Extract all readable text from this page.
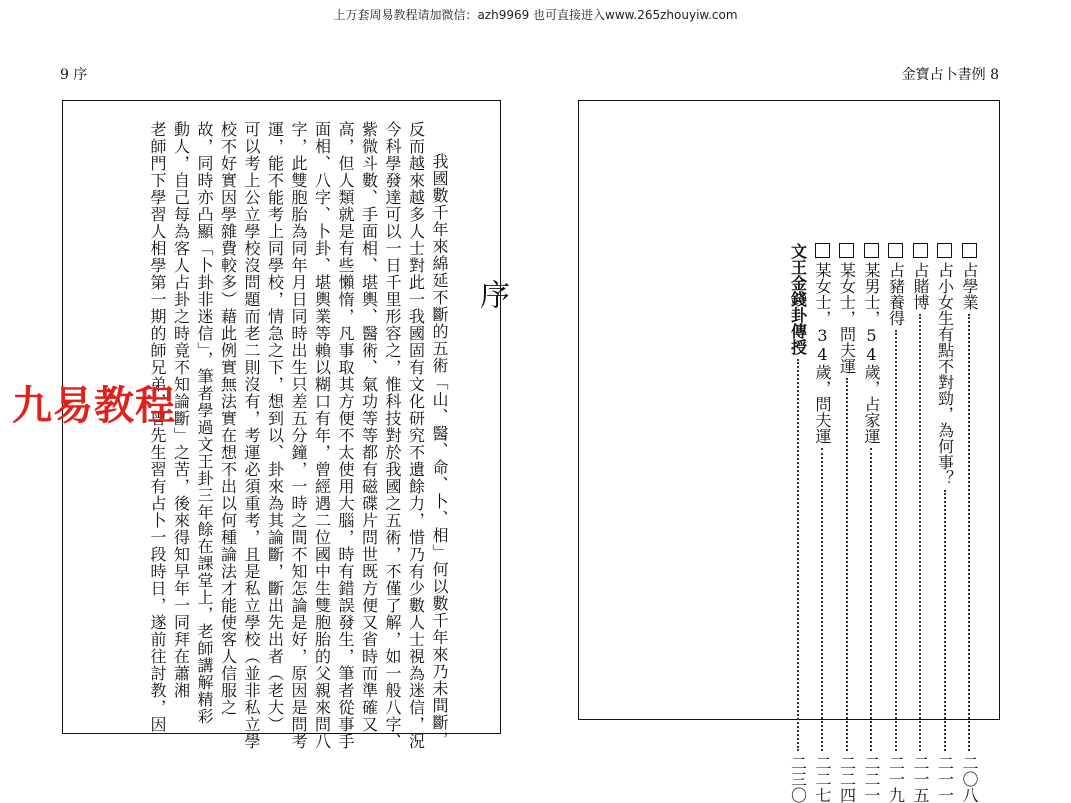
上万套周易教程请加微信：azh9969 也可直接进入www.265zhouyiw.com
9 序	金寶占卜書例 8
序
我國數千年來綿延不斷的五術「山、醫、命、卜、相」何以數千年來乃未間斷，
反而越來越多人士對此一我國固有文化研究不遺餘力，惜乃有少數人士視為迷信，況
今科學發達可以一日千里形容之，惟科技對於我國之五術，不僅了解，如一般八字、
紫微斗數、手面相、堪輿、醫術、氣功等等都有磁碟片問世既方便又省時而準確又
高，但人類就是有些懶惰，凡事取其方便不太使用大腦，時有錯誤發生，筆者從事手
面相、八字、卜卦、堪輿業等賴以糊口有年，曾經遇二位國中生雙胞胎的父親來問八
字，此雙胞胎為同年月日同時出生只差五分鐘，一時之間不知怎論是好，原因是問考
運，能不能考上同學校，情急之下，想到以、卦來為其論斷，斷出先出者（老大）
可以考上公立學校沒問題而老二則沒有，考運必須重考，且是私立學校（並非私立學
校不好實因學雜費較多）藉此例實無法實在想不出以何種論法才能使客人信服之
故，同時亦凸顯「卜卦非迷信」，筆者學過文王卦三年餘在課堂上，老師講解精彩
動人，自己每為客人占卦之時竟不知論斷」之苦，後來得知早年一同拜在蕭湘
老師門下學習人相學第一期的師兄弟，曾先生習有占卜一段時日，遂前往討教，因	占學業
二〇八
占小女生有點不對勁，為何事？
二一一
占賭博
二一五
占豬養得
二一九
某男士，54歲，占家運
二二一
某女士，問夫運
二二四
某女士，34歲，問夫運
二二七
文王金錢卦傳授
二三〇
九易教程
